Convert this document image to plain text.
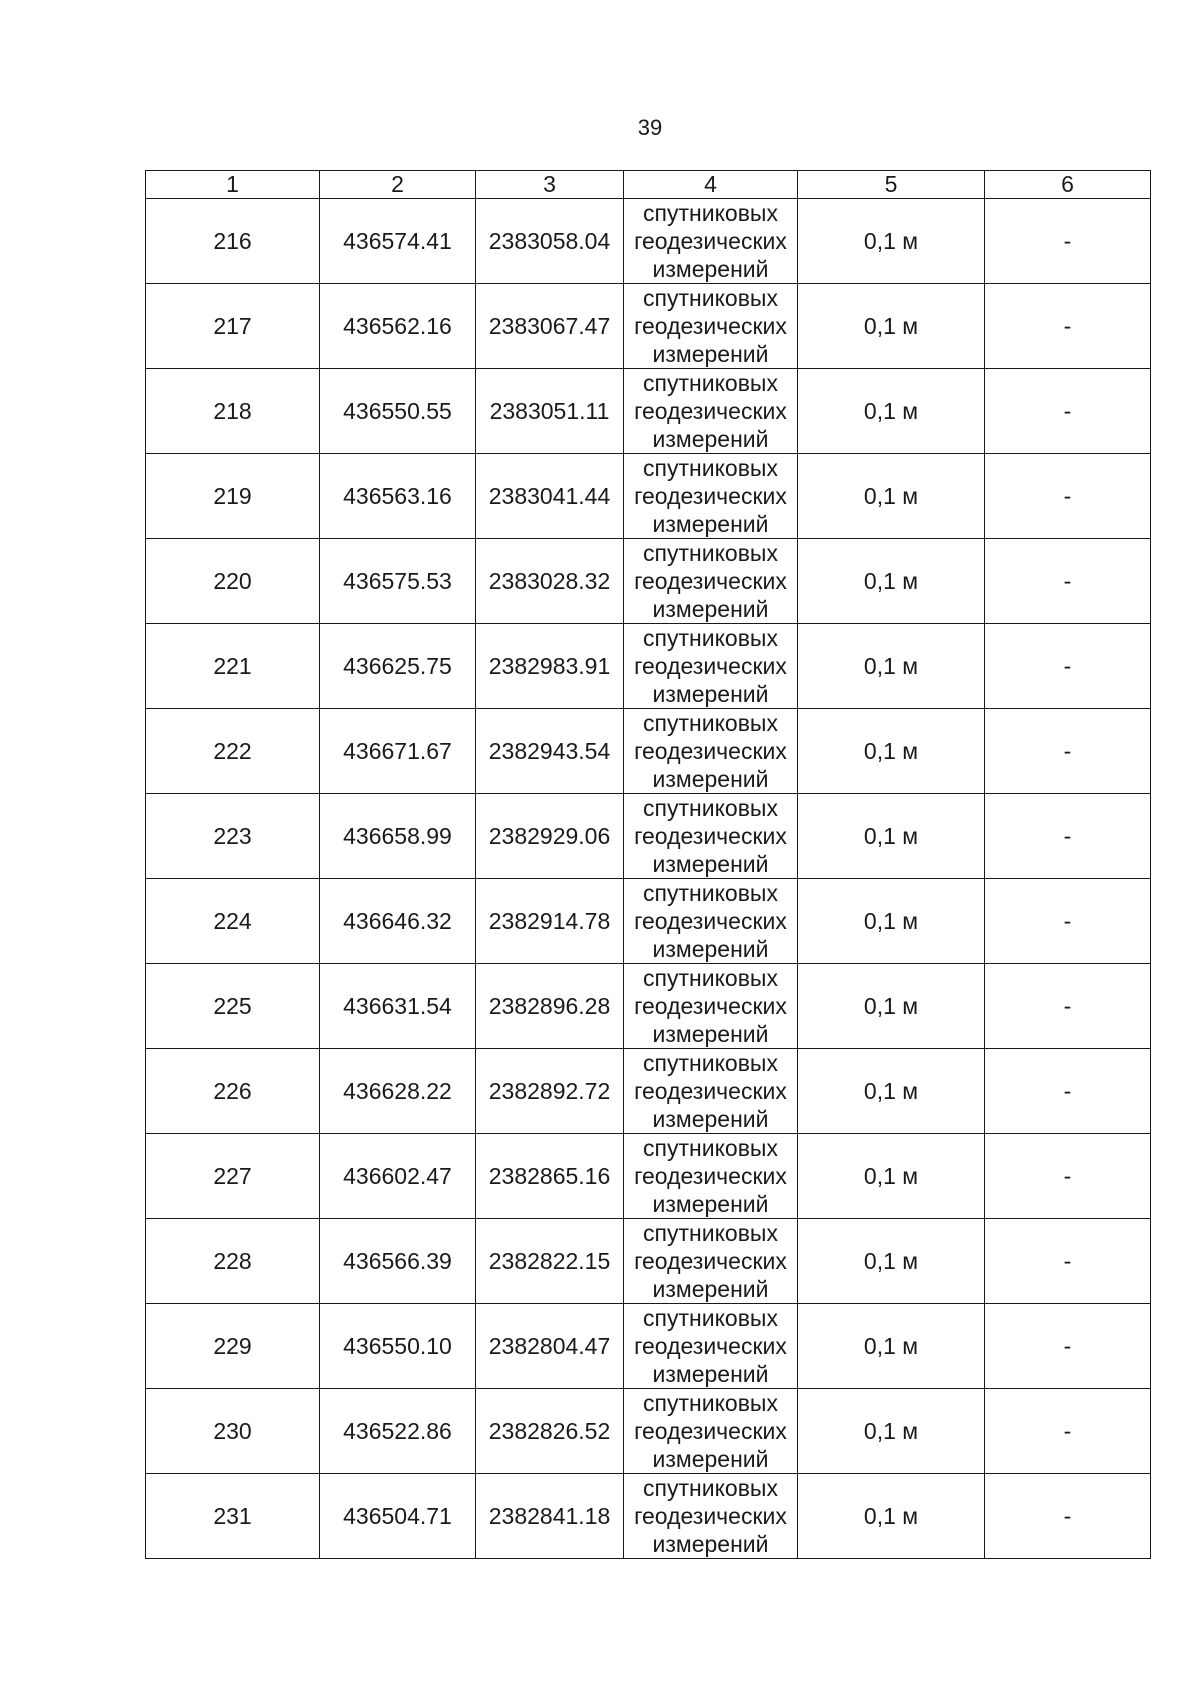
39
1	2	3	4	5	6
216	436574.41	2383058.04	спутниковых
геодезических
измерений	0,1 м	-
217	436562.16	2383067.47	спутниковых
геодезических
измерений	0,1 м	-
218	436550.55	2383051.11	спутниковых
геодезических
измерений	0,1 м	-
219	436563.16	2383041.44	спутниковых
геодезических
измерений	0,1 м	-
220	436575.53	2383028.32	спутниковых
геодезических
измерений	0,1 м	-
221	436625.75	2382983.91	спутниковых
геодезических
измерений	0,1 м	-
222	436671.67	2382943.54	спутниковых
геодезических
измерений	0,1 м	-
223	436658.99	2382929.06	спутниковых
геодезических
измерений	0,1 м	-
224	436646.32	2382914.78	спутниковых
геодезических
измерений	0,1 м	-
225	436631.54	2382896.28	спутниковых
геодезических
измерений	0,1 м	-
226	436628.22	2382892.72	спутниковых
геодезических
измерений	0,1 м	-
227	436602.47	2382865.16	спутниковых
геодезических
измерений	0,1 м	-
228	436566.39	2382822.15	спутниковых
геодезических
измерений	0,1 м	-
229	436550.10	2382804.47	спутниковых
геодезических
измерений	0,1 м	-
230	436522.86	2382826.52	спутниковых
геодезических
измерений	0,1 м	-
231	436504.71	2382841.18	спутниковых
геодезических
измерений	0,1 м	-
